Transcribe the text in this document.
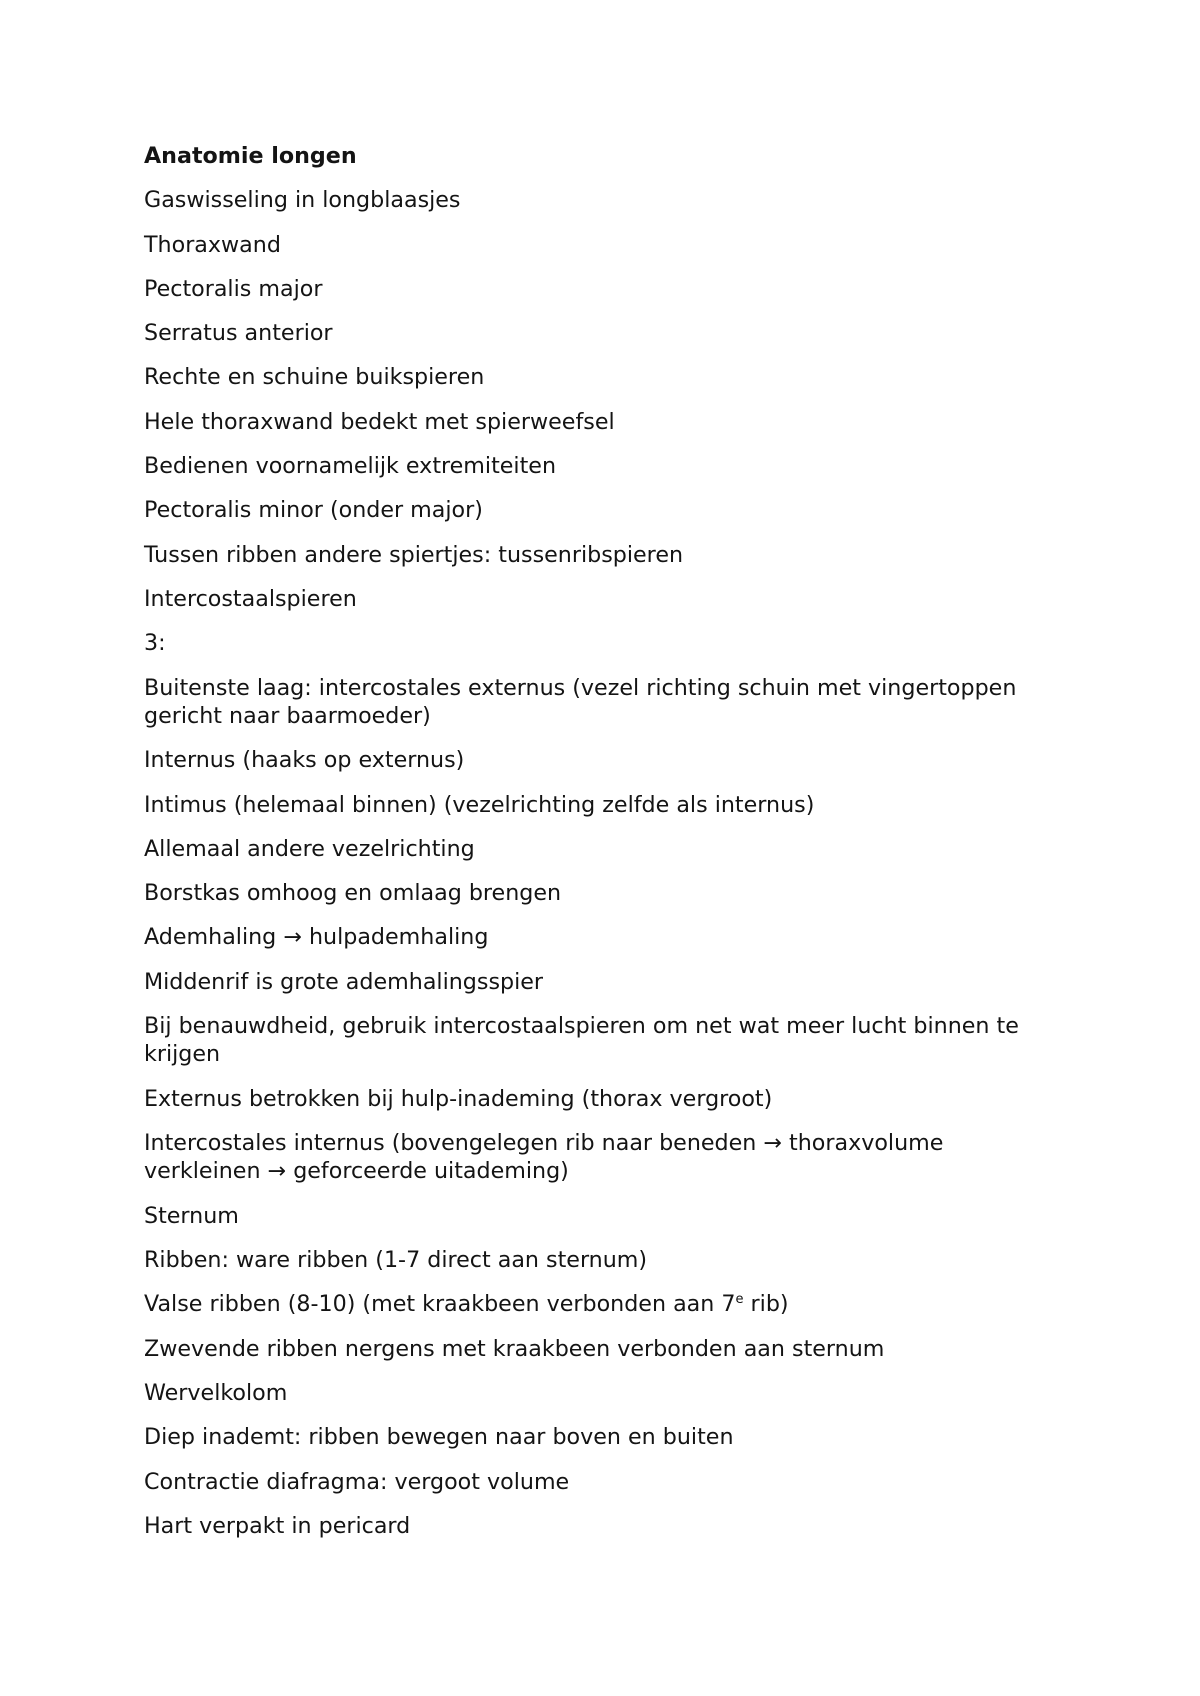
Anatomie longen

Gaswisseling in longblaasjes

Thoraxwand

Pectoralis major

Serratus anterior

Rechte en schuine buikspieren

Hele thoraxwand bedekt met spierweefsel

Bedienen voornamelijk extremiteiten

Pectoralis minor (onder major)

Tussen ribben andere spiertjes: tussenribspieren

Intercostaalspieren

3:

Buitenste laag: intercostales externus (vezel richting schuin met vingertoppen gericht naar baarmoeder)

Internus (haaks op externus)

Intimus (helemaal binnen) (vezelrichting zelfde als internus)

Allemaal andere vezelrichting

Borstkas omhoog en omlaag brengen

Ademhaling → hulpademhaling

Middenrif is grote ademhalingsspier

Bij benauwdheid, gebruik intercostaalspieren om net wat meer lucht binnen te krijgen

Externus betrokken bij hulp-inademing (thorax vergroot)

Intercostales internus (bovengelegen rib naar beneden → thoraxvolume verkleinen → geforceerde uitademing)

Sternum

Ribben: ware ribben (1-7 direct aan sternum)

Valse ribben (8-10) (met kraakbeen verbonden aan 7e rib)

Zwevende ribben nergens met kraakbeen verbonden aan sternum

Wervelkolom

Diep inademt: ribben bewegen naar boven en buiten

Contractie diafragma: vergoot volume

Hart verpakt in pericard
